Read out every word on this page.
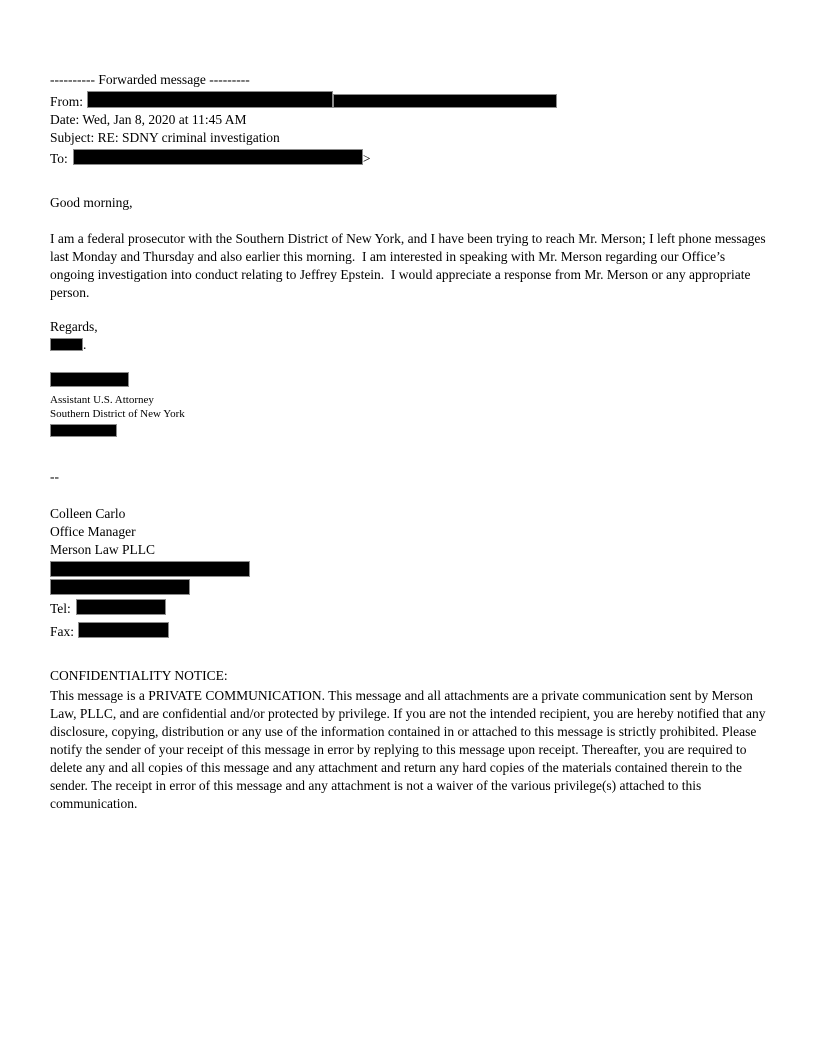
---------- Forwarded message ---------
From:
Date: Wed, Jan 8, 2020 at 11:45 AM
Subject: RE: SDNY criminal investigation
To:	>
Good morning,
I am a federal prosecutor with the Southern District of New York, and I have been trying to reach Mr. Merson; I left phone messages last Monday and Thursday and also earlier this morning.  I am interested in speaking with Mr. Merson regarding our Office’s ongoing investigation into conduct relating to Jeffrey Epstein.  I would appreciate a response from Mr. Merson or any appropriate person.
Regards,
.
Assistant U.S. Attorney
Southern District of New York
--
Colleen Carlo
Office Manager
Merson Law PLLC
Tel:
Fax:
CONFIDENTIALITY NOTICE:
This message is a PRIVATE COMMUNICATION. This message and all attachments are a private communication sent by Merson Law, PLLC, and are confidential and/or protected by privilege. If you are not the intended recipient, you are hereby notified that any disclosure, copying, distribution or any use of the information contained in or attached to this message is strictly prohibited. Please notify the sender of your receipt of this message in error by replying to this message upon receipt. Thereafter, you are required to delete any and all copies of this message and any attachment and return any hard copies of the materials contained therein to the sender. The receipt in error of this message and any attachment is not a waiver of the various privilege(s) attached to this communication.
